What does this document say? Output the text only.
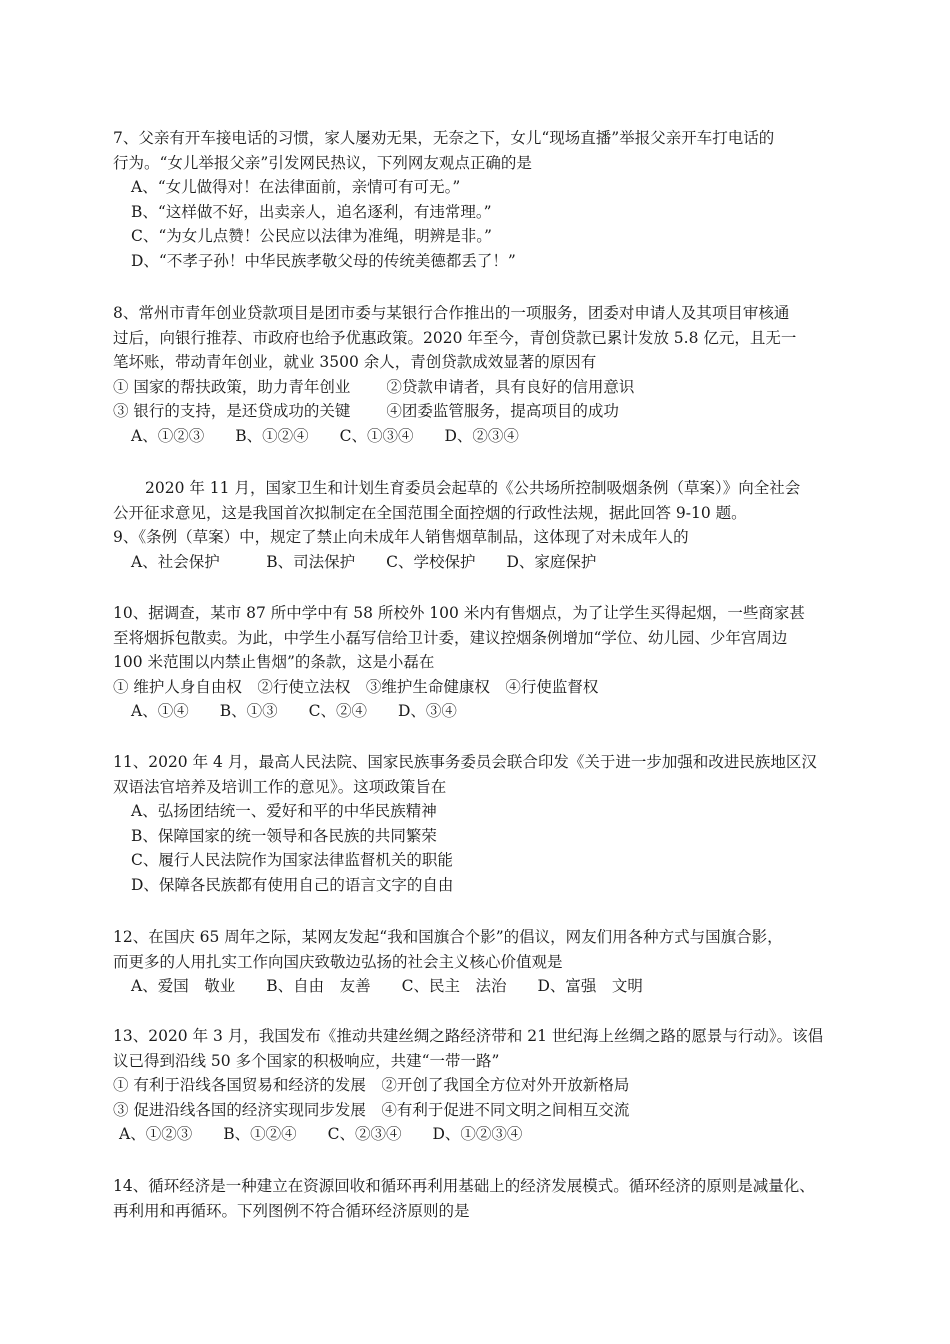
7、父亲有开车接电话的习惯，家人屡劝无果，无奈之下，女儿“现场直播”举报父亲开车打电话的
行为。“女儿举报父亲”引发网民热议，下列网友观点正确的是
A、“女儿做得对！在法律面前，亲情可有可无。”
B、“这样做不好，出卖亲人，追名逐利，有违常理。”
C、“为女儿点赞！公民应以法律为准绳，明辨是非。”
D、“不孝子孙！中华民族孝敬父母的传统美德都丢了！”
8、常州市青年创业贷款项目是团市委与某银行合作推出的一项服务，团委对申请人及其项目审核通
过后，向银行推荐、市政府也给予优惠政策。2020 年至今，青创贷款已累计发放 5.8 亿元，且无一
笔坏账，带动青年创业，就业 3500 余人，青创贷款成效显著的原因有
① 国家的帮扶政策，助力青年创业　　 ②贷款申请者，具有良好的信用意识
③ 银行的支持，是还贷成功的关键　　 ④团委监管服务，提高项目的成功
A、①②③　　B、①②④　　C、①③④　　D、②③④
2020 年 11 月，国家卫生和计划生育委员会起草的《公共场所控制吸烟条例（草案）》向全社会
公开征求意见，这是我国首次拟制定在全国范围全面控烟的行政性法规，据此回答 9-10 题。
9、《条例（草案）中，规定了禁止向未成年人销售烟草制品，这体现了对未成年人的
A、社会保护　　　B、司法保护　　C、学校保护　　D、家庭保护
10、据调查，某市 87 所中学中有 58 所校外 100 米内有售烟点，为了让学生买得起烟，一些商家甚
至将烟拆包散卖。为此，中学生小磊写信给卫计委，建议控烟条例增加“学位、幼儿园、少年宫周边
100 米范围以内禁止售烟”的条款，这是小磊在
① 维护人身自由权　②行使立法权　③维护生命健康权　④行使监督权
A、①④　　B、①③　　C、②④　　D、③④
11、2020 年 4 月，最高人民法院、国家民族事务委员会联合印发《关于进一步加强和改进民族地区汉
双语法官培养及培训工作的意见》。这项政策旨在
A、弘扬团结统一、爱好和平的中华民族精神
B、保障国家的统一领导和各民族的共同繁荣
C、履行人民法院作为国家法律监督机关的职能
D、保障各民族都有使用自己的语言文字的自由
12、在国庆 65 周年之际，某网友发起“我和国旗合个影”的倡议，网友们用各种方式与国旗合影，
而更多的人用扎实工作向国庆致敬边弘扬的社会主义核心价值观是
A、爱国　敬业　　B、自由　友善　　C、民主　法治　　D、富强　文明
13、2020 年 3 月，我国发布《推动共建丝绸之路经济带和 21 世纪海上丝绸之路的愿景与行动》。该倡
议已得到沿线 50 多个国家的积极响应，共建“一带一路”
① 有利于沿线各国贸易和经济的发展　②开创了我国全方位对外开放新格局
③ 促进沿线各国的经济实现同步发展　④有利于促进不同文明之间相互交流
A、①②③　　B、①②④　　C、②③④　　D、①②③④
14、循环经济是一种建立在资源回收和循环再利用基础上的经济发展模式。循环经济的原则是减量化、
再利用和再循环。下列图例不符合循环经济原则的是
